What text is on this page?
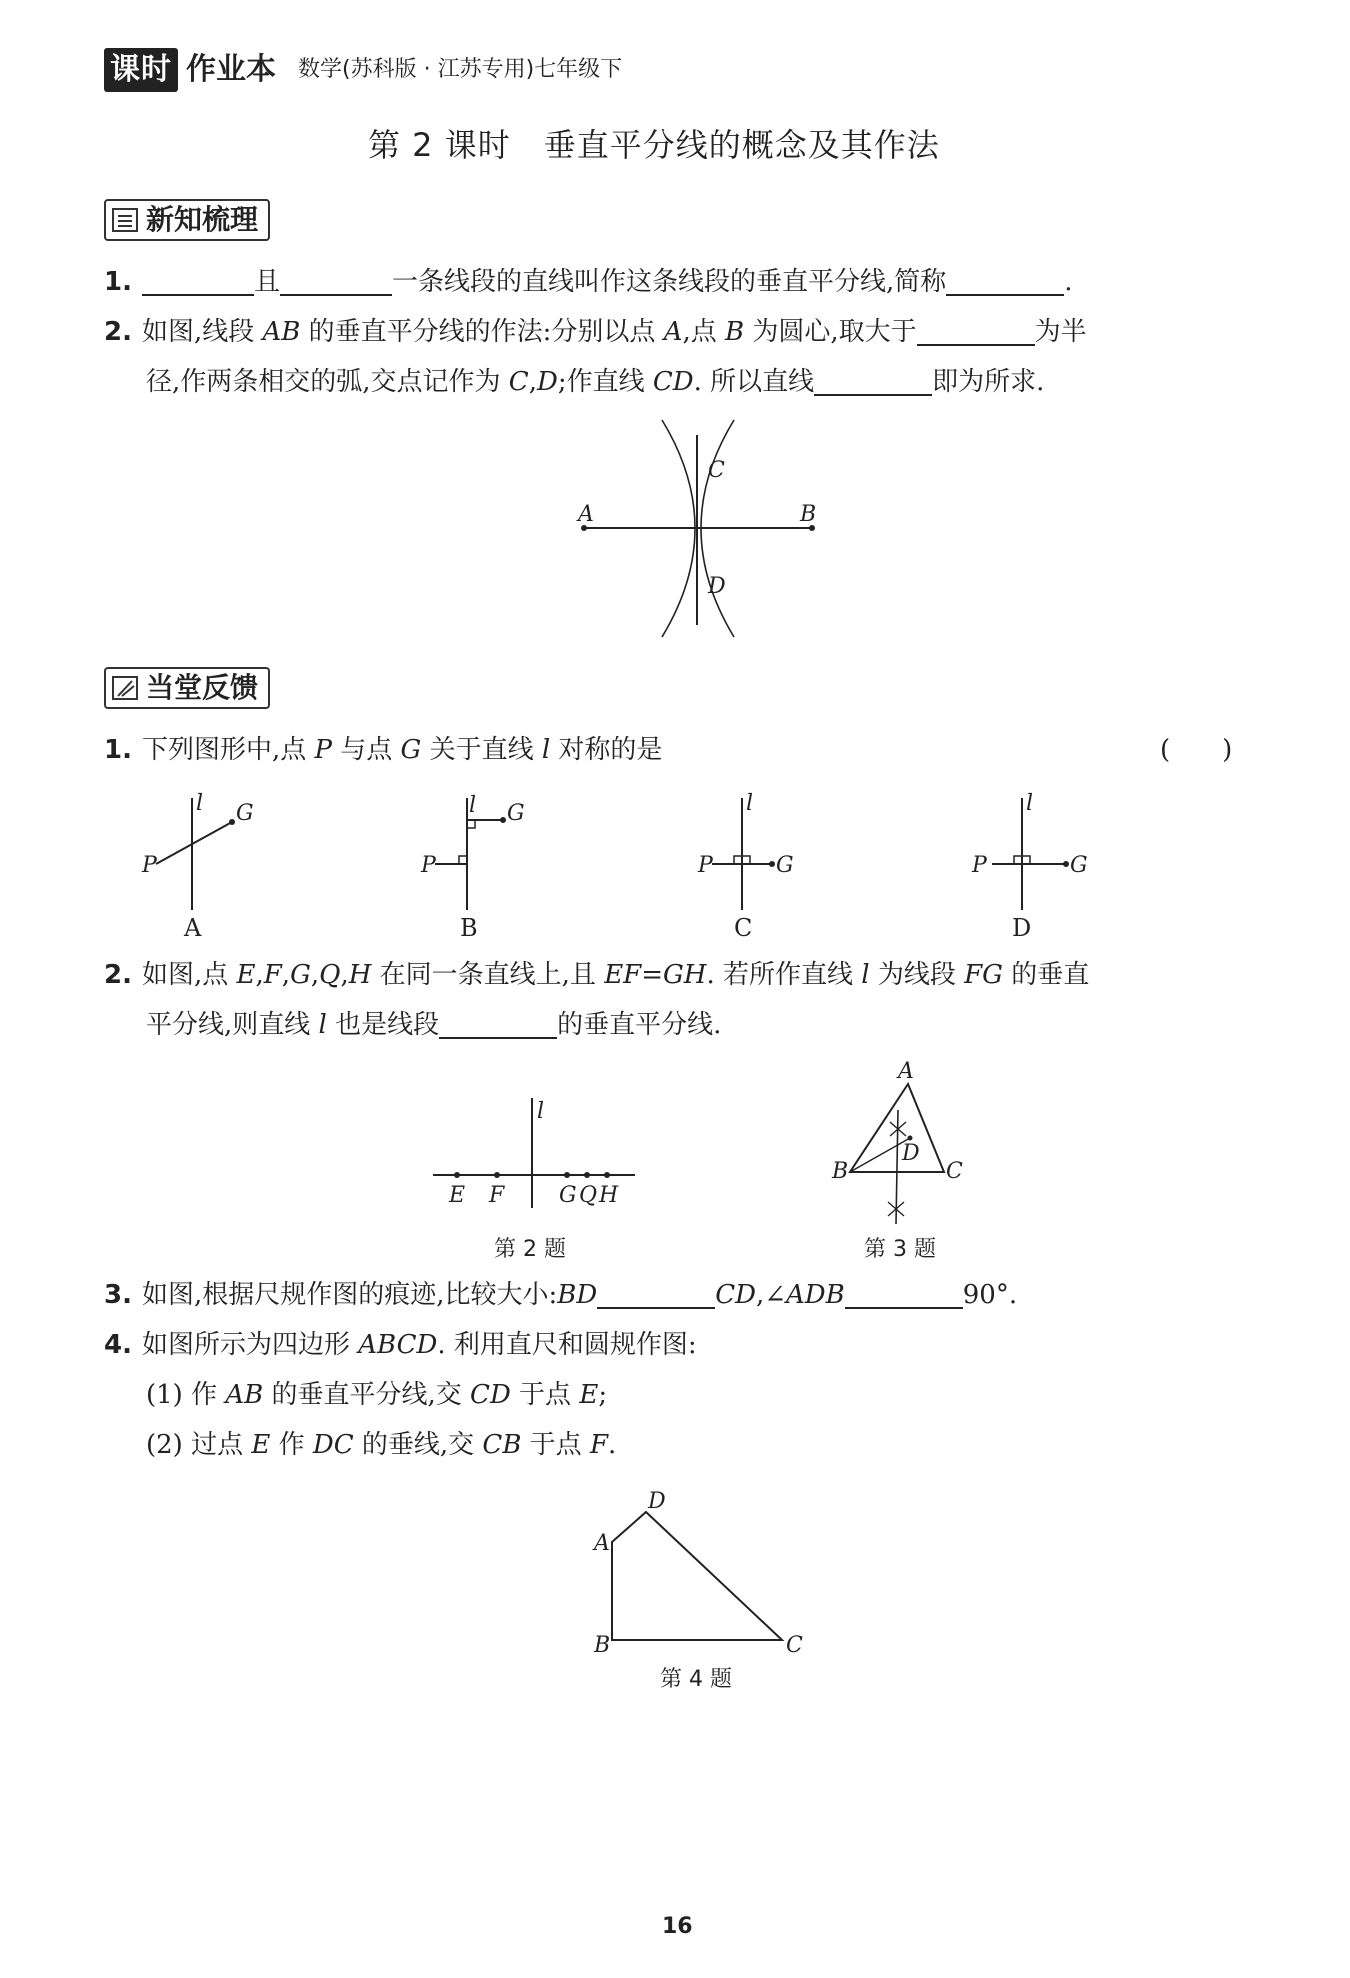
课时 作业本 数学(苏科版 · 江苏专用)七年级下
第 2 课时　垂直平分线的概念及其作法
新知梳理
1.	且	一条线段的直线叫作这条线段的垂直平分线,简称	.
2. 如图,线段 AB 的垂直平分线的作法:分别以点 A,点 B 为圆心,取大于	为半
径,作两条相交的弧,交点记作为 C,D;作直线 CD. 所以直线	即为所求.
A	B
C
D
当堂反馈
1. 下列图形中,点 P 与点 G 关于直线 l 对称的是	(　　)
l G
P
A
l G
P
B
l
G
P
C
l
G
P
D
2. 如图,点 E,F,G,Q,H 在同一条直线上,且 EF=GH. 若所作直线 l 为线段 FG 的垂直
平分线,则直线 l 也是线段	的垂直平分线.
l
E F G Q H
第 2 题
A
B	C
D
第 3 题
3. 如图,根据尺规作图的痕迹,比较大小:BD	CD,∠ADB	90°.
4. 如图所示为四边形 ABCD. 利用直尺和圆规作图:
(1) 作 AB 的垂直平分线,交 CD 于点 E;
(2) 过点 E 作 DC 的垂线,交 CB 于点 F.
A
D
B	C
第 4 题
16
